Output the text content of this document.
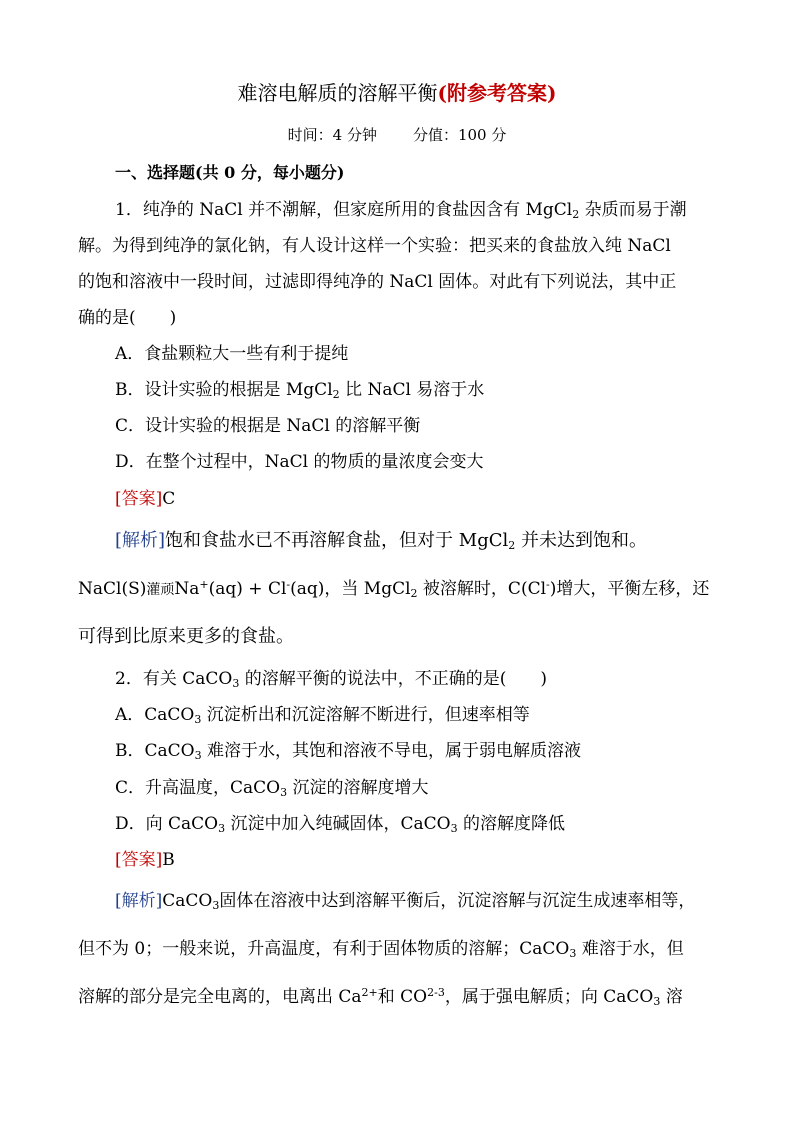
难溶电解质的溶解平衡(附参考答案)
时间：4 分钟 分值：100 分
一、选择题(共 0 分，每小题分)
1．纯净的 NaCl 并不潮解，但家庭所用的食盐因含有 MgCl$_2$ 杂质而易于潮
解。为得到纯净的氯化钠，有人设计这样一个实验：把买来的食盐放入纯 NaCl
的饱和溶液中一段时间，过滤即得纯净的 NaCl 固体。对此有下列说法，其中正
确的是(　　)
A．食盐颗粒大一些有利于提纯
B．设计实验的根据是 MgCl$_2$ 比 NaCl 易溶于水
C．设计实验的根据是 NaCl 的溶解平衡
D．在整个过程中，NaCl 的物质的量浓度会变大
[答案]C
[解析]饱和食盐水已不再溶解食盐，但对于 MgCl$_2$ 并未达到饱和。
NaCl(S)灌顽Na+(aq) + Cl-(aq)，当 MgCl$_2$ 被溶解时，C(Cl-)增大，平衡左移，还
可得到比原来更多的食盐。
2．有关 CaCO$_3$ 的溶解平衡的说法中，不正确的是(　　)
A．CaCO$_3$ 沉淀析出和沉淀溶解不断进行，但速率相等
B．CaCO$_3$ 难溶于水，其饱和溶液不导电，属于弱电解质溶液
C．升高温度，CaCO$_3$ 沉淀的溶解度增大
D．向 CaCO$_3$ 沉淀中加入纯碱固体，CaCO$_3$ 的溶解度降低
[答案]B
[解析]CaCO$_3$固体在溶液中达到溶解平衡后，沉淀溶解与沉淀生成速率相等，
但不为 0；一般来说，升高温度，有利于固体物质的溶解；CaCO$_3$ 难溶于水，但
溶解的部分是完全电离的，电离出 $Ca^{2+}$和 CO$^{2-3}$，属于强电解质；向 CaCO$_3$ 溶
